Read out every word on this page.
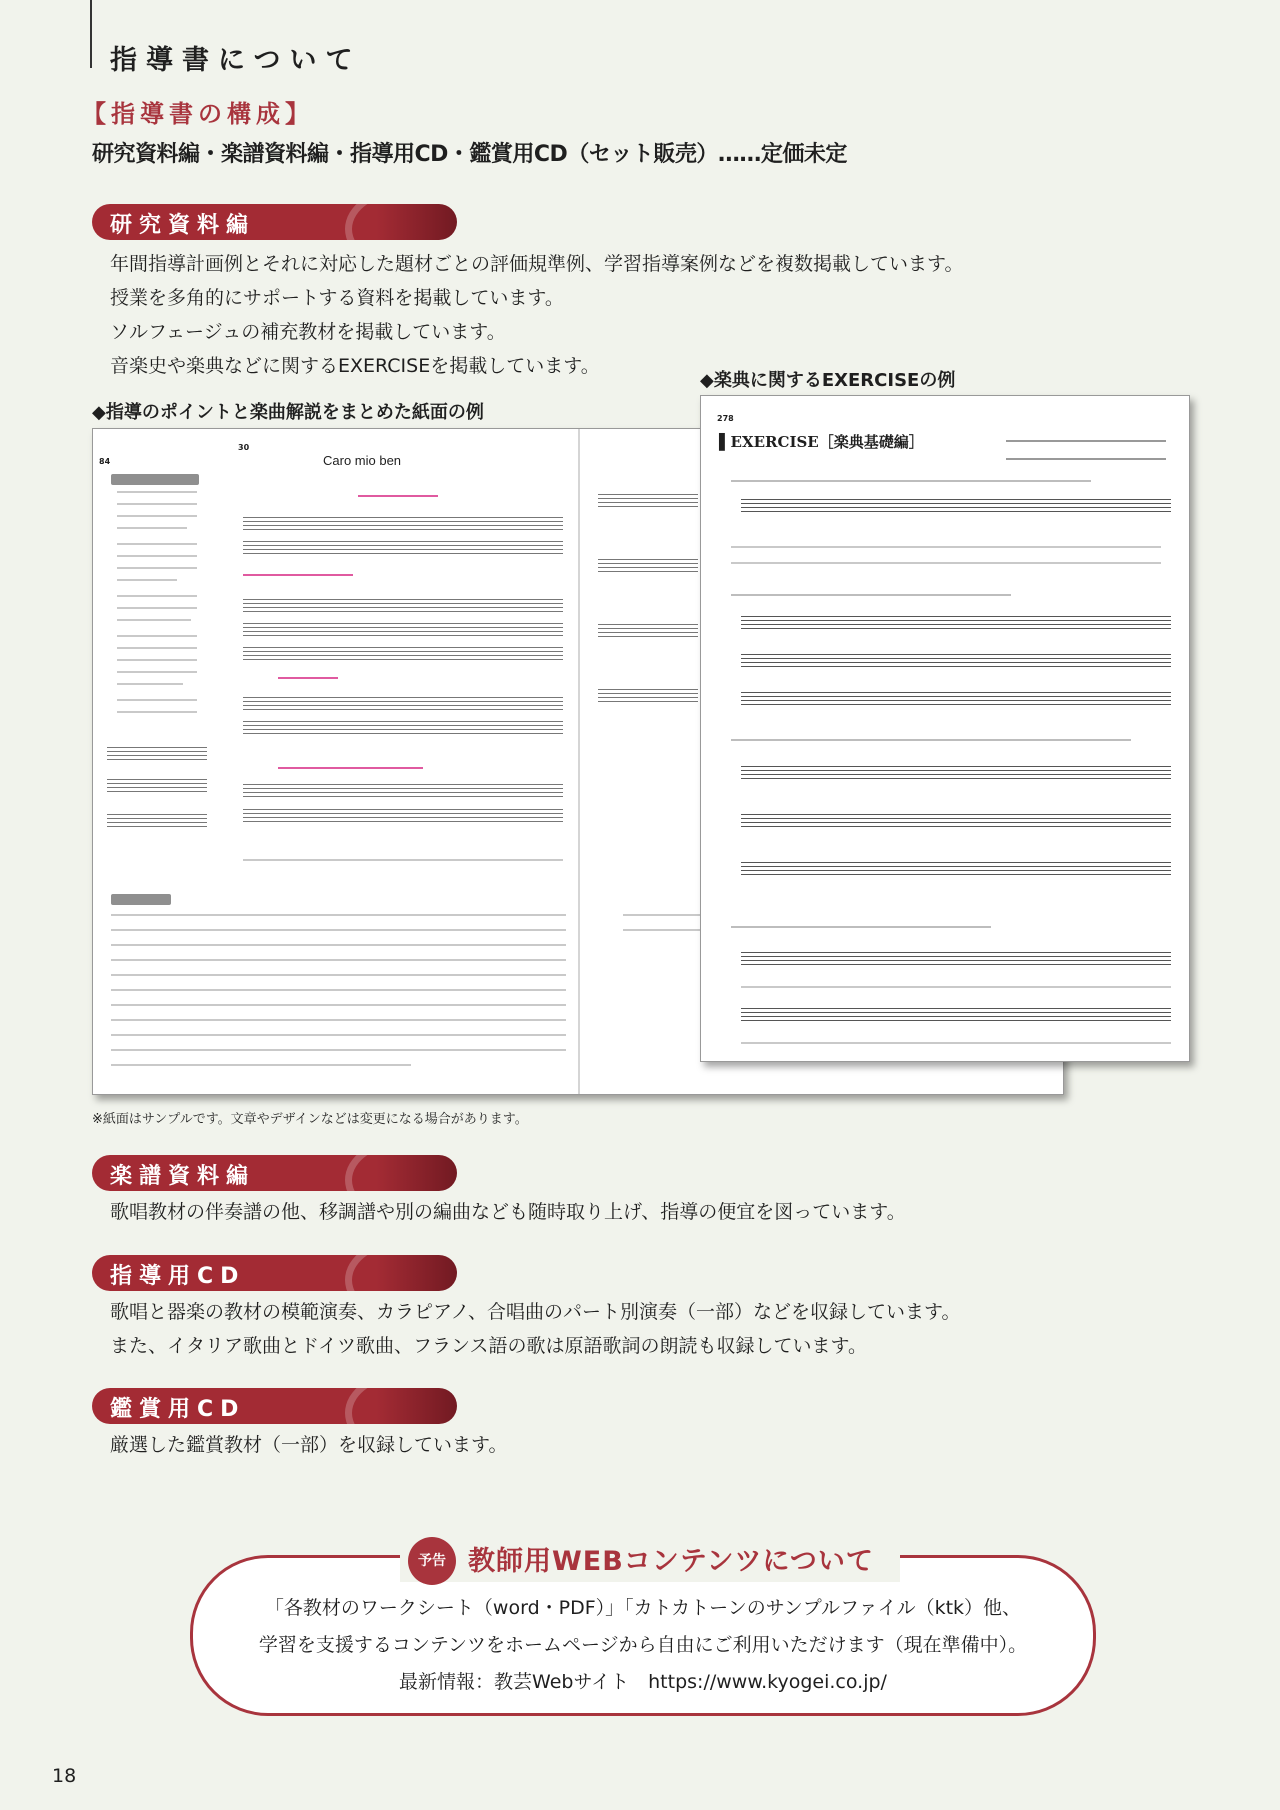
指導書について
【指導書の構成】
研究資料編・楽譜資料編・指導用CD・鑑賞用CD（セット販売）……定価未定
研究資料編
年間指導計画例とそれに対応した題材ごとの評価規準例、学習指導案例などを複数掲載しています。
授業を多角的にサポートする資料を掲載しています。
ソルフェージュの補充教材を掲載しています。
音楽史や楽典などに関するEXERCISEを掲載しています。
◆楽典に関するEXERCISEの例
◆指導のポイントと楽曲解説をまとめた紙面の例
84
30
Caro mio ben
278
▌EXERCISE［楽典基礎編］
※紙面はサンプルです。文章やデザインなどは変更になる場合があります。
楽譜資料編
歌唱教材の伴奏譜の他、移調譜や別の編曲なども随時取り上げ、指導の便宜を図っています。
指導用CD
歌唱と器楽の教材の模範演奏、カラピアノ、合唱曲のパート別演奏（一部）などを収録しています。
また、イタリア歌曲とドイツ歌曲、フランス語の歌は原語歌詞の朗読も収録しています。
鑑賞用CD
厳選した鑑賞教材（一部）を収録しています。
予告 教師用WEBコンテンツについて
「各教材のワークシート（word・PDF）」「カトカトーンのサンプルファイル（ktk）他、
学習を支援するコンテンツをホームページから自由にご利用いただけます（現在準備中）。
最新情報：教芸Webサイト　https://www.kyogei.co.jp/
18
